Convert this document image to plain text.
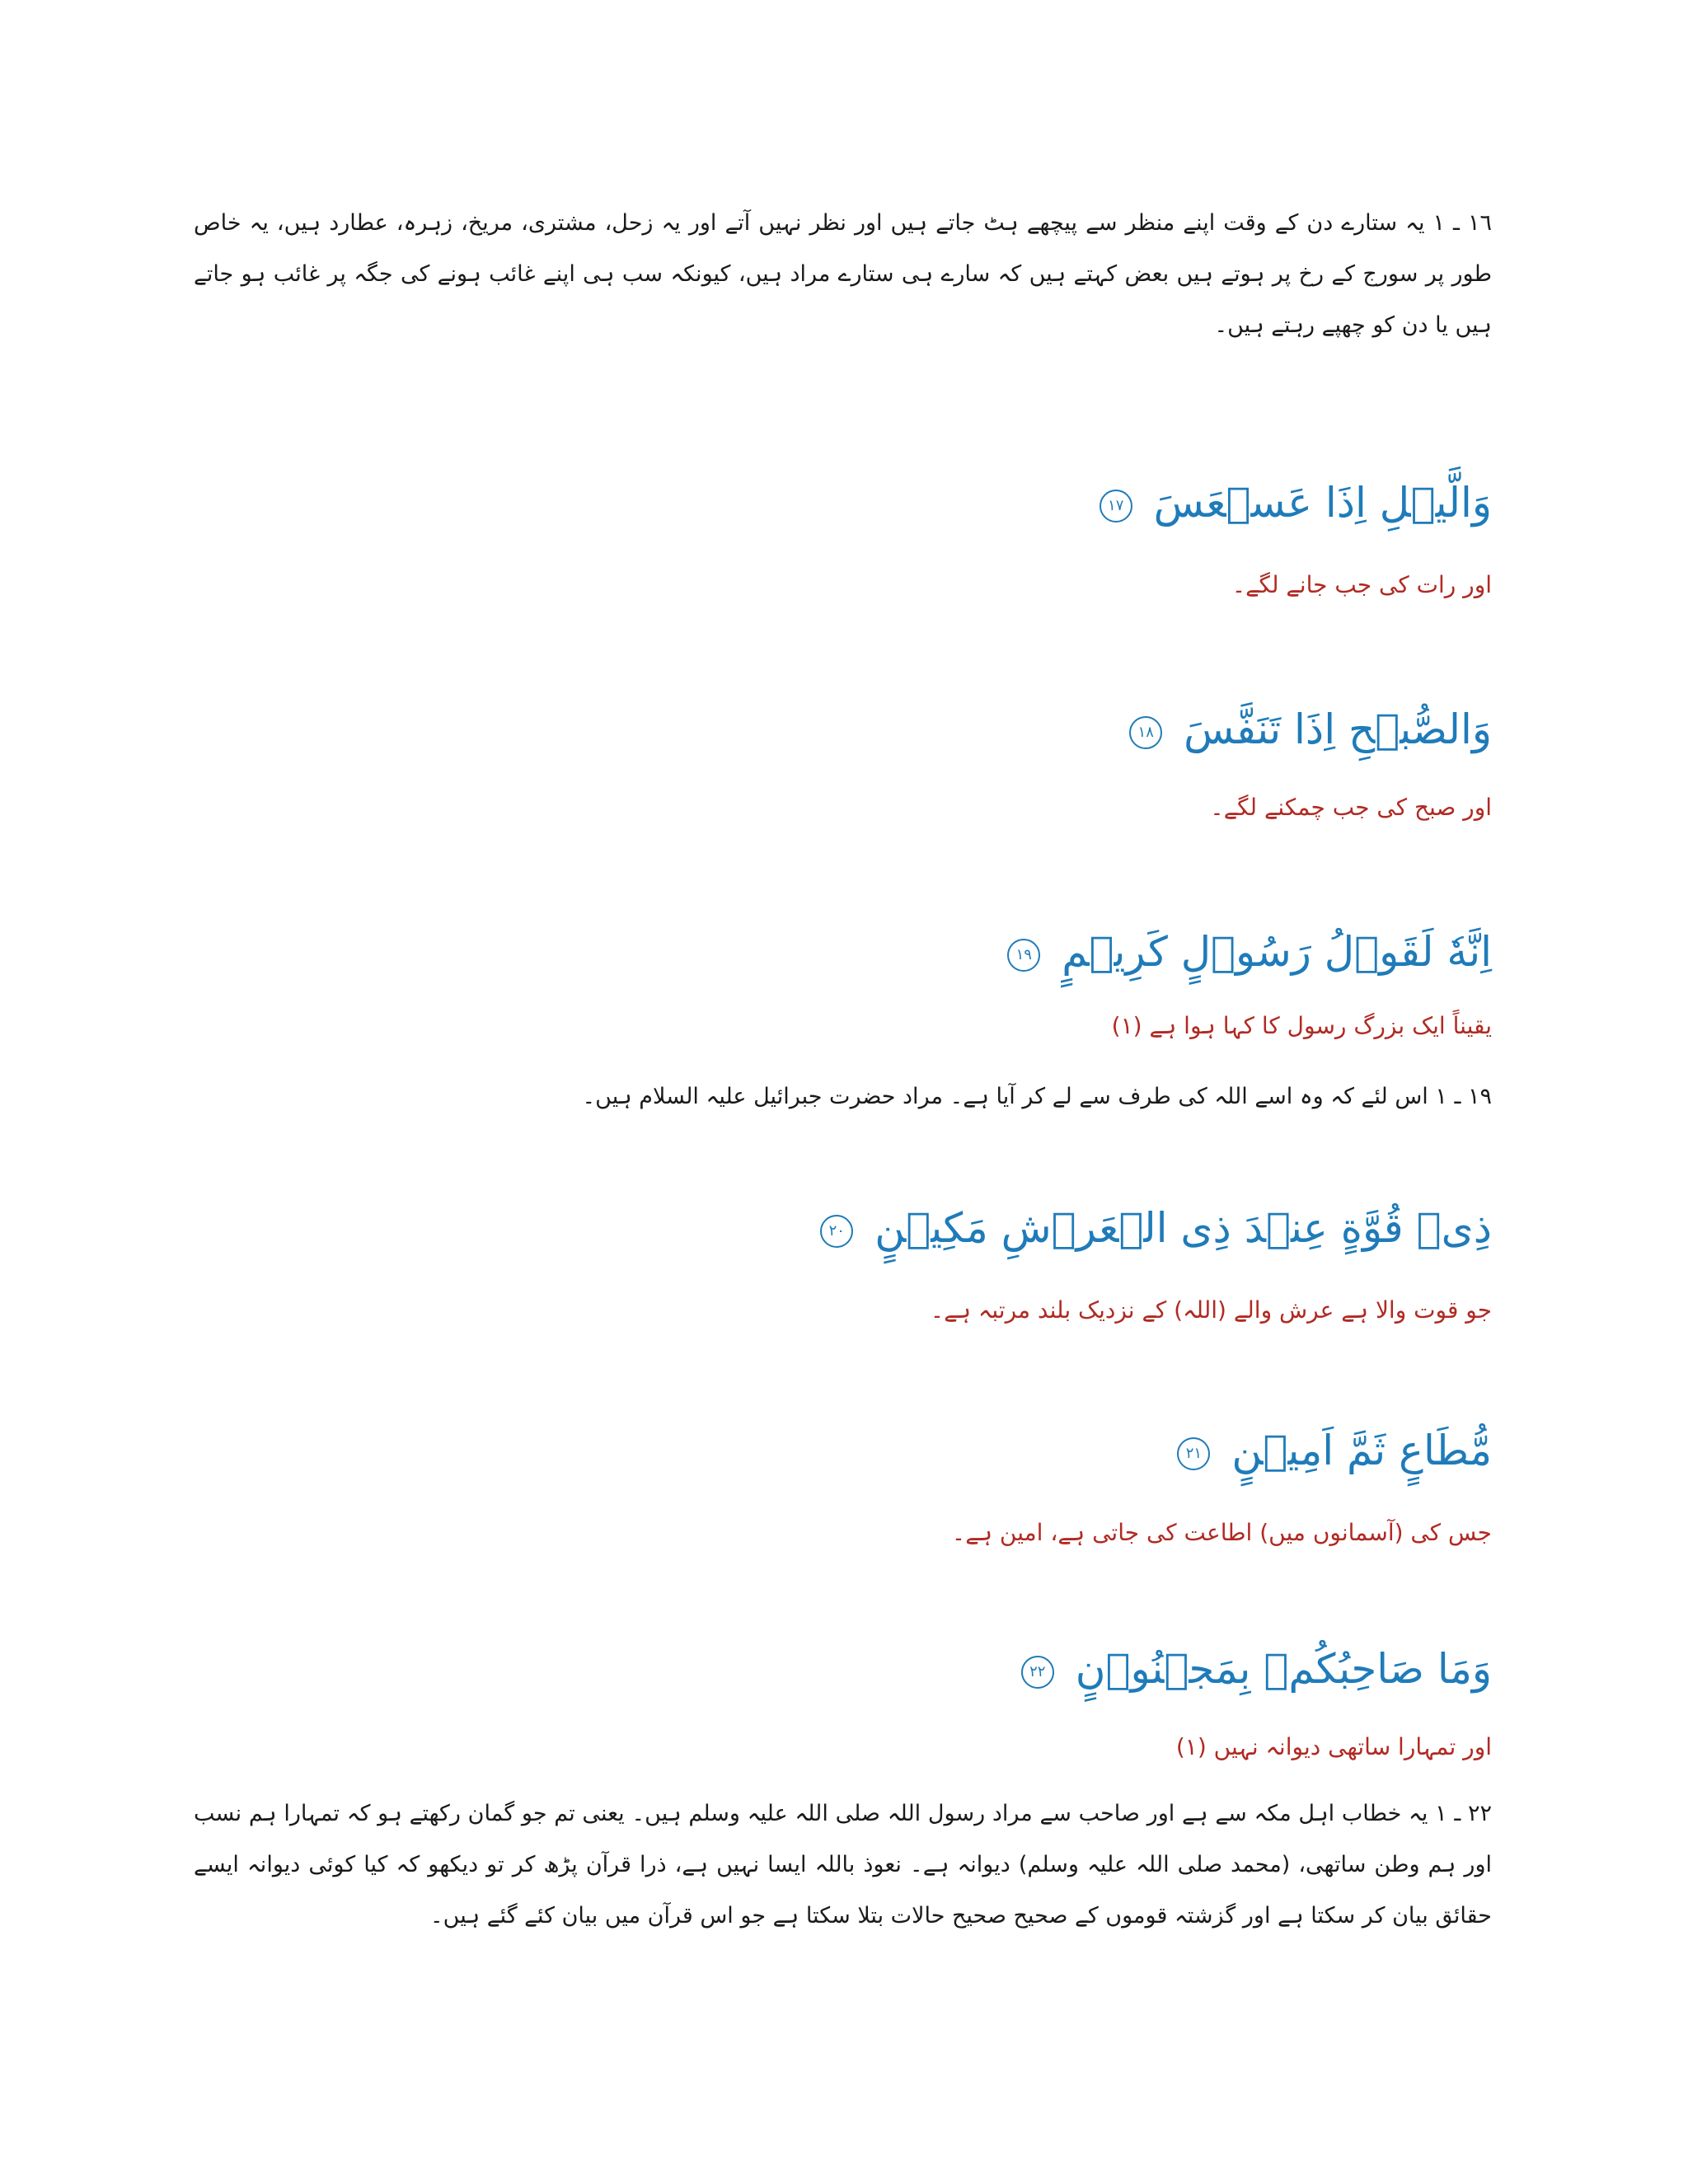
١٦ ـ ١ یہ ستارے دن کے وقت اپنے منظر سے پیچھے ہٹ جاتے ہیں اور نظر نہیں آتے اور یہ زحل، مشتری، مریخ، زہرہ، عطارد ہیں، یہ خاص طور پر سورج کے رخ پر ہوتے ہیں بعض کہتے ہیں کہ سارے ہی ستارے مراد ہیں، کیونکہ سب ہی اپنے غائب ہونے کی جگہ پر غائب ہو جاتے ہیں یا دن کو چھپے رہتے ہیں۔

وَالَّيۡلِ اِذَا عَسۡعَسَ ١٧
اور رات کی جب جانے لگے۔
وَالصُّبۡحِ اِذَا تَنَفَّسَ ١٨
اور صبح کی جب چمکنے لگے۔
اِنَّهٗ لَقَوۡلُ رَسُوۡلٍ كَرِيۡمٍ ١٩
یقیناً ایک بزرگ رسول کا کہا ہوا ہے (١)

١٩ ـ ١ اس لئے کہ وہ اسے اللہ کی طرف سے لے کر آیا ہے۔ مراد حضرت جبرائیل علیہ السلام ہیں۔

ذِىۡ قُوَّةٍ عِنۡدَ ذِى الۡعَرۡشِ مَكِيۡنٍ ٢٠
جو قوت والا ہے عرش والے (اللہ) کے نزدیک بلند مرتبہ ہے۔
مُّطَاعٍ ثَمَّ اَمِيۡنٍ ٢١
جس کی (آسمانوں میں) اطاعت کی جاتی ہے، امین ہے۔
وَمَا صَاحِبُكُمۡ بِمَجۡنُوۡنٍ ٢٢
اور تمہارا ساتھی دیوانہ نہیں (١)

٢٢ ـ ١ یہ خطاب اہل مکہ سے ہے اور صاحب سے مراد رسول اللہ صلی اللہ علیہ وسلم ہیں۔ یعنی تم جو گمان رکھتے ہو کہ تمہارا ہم نسب اور ہم وطن ساتھی، (محمد صلی اللہ علیہ وسلم) دیوانہ ہے۔ نعوذ باللہ ایسا نہیں ہے، ذرا قرآن پڑھ کر تو دیکھو کہ کیا کوئی دیوانہ ایسے حقائق بیان کر سکتا ہے اور گزشتہ قوموں کے صحیح صحیح حالات بتلا سکتا ہے جو اس قرآن میں بیان کئے گئے ہیں۔
